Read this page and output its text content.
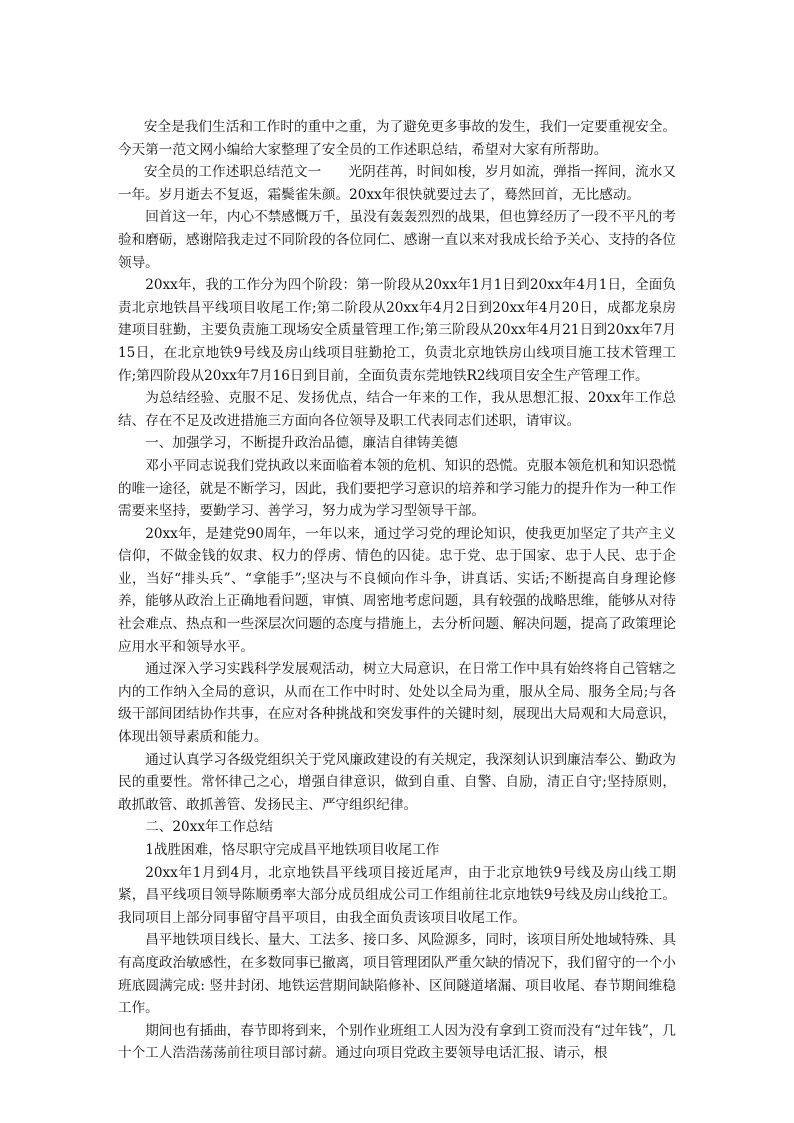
安全是我们生活和工作时的重中之重，为了避免更多事故的发生，我们一定要重视安全。今天第一范文网小编给大家整理了安全员的工作述职总结，希望对大家有所帮助。

安全员的工作述职总结范文一　　光阴荏苒，时间如梭，岁月如流，弹指一挥间，流水又一年。岁月逝去不复返，霜鬓雀朱颜。20xx年很快就要过去了，蓦然回首，无比感动。

回首这一年，内心不禁感慨万千，虽没有轰轰烈烈的战果，但也算经历了一段不平凡的考验和磨砺，感谢陪我走过不同阶段的各位同仁、感谢一直以来对我成长给予关心、支持的各位领导。

20xx年，我的工作分为四个阶段：第一阶段从20xx年1月1日到20xx年4月1日，全面负责北京地铁昌平线项目收尾工作;第二阶段从20xx年4月2日到20xx年4月20日，成都龙泉房建项目驻勤，主要负责施工现场安全质量管理工作;第三阶段从20xx年4月21日到20xx年7月15日，在北京地铁9号线及房山线项目驻勤抢工，负责北京地铁房山线项目施工技术管理工作;第四阶段从20xx年7月16日到目前，全面负责东莞地铁R2线项目安全生产管理工作。

为总结经验、克服不足、发扬优点，结合一年来的工作，我从思想汇报、20xx年工作总结、存在不足及改进措施三方面向各位领导及职工代表同志们述职，请审议。

一、加强学习，不断提升政治品德，廉洁自律铸美德

邓小平同志说我们党执政以来面临着本领的危机、知识的恐慌。克服本领危机和知识恐慌的唯一途径，就是不断学习，因此，我们要把学习意识的培养和学习能力的提升作为一种工作需要来坚持，要勤学习、善学习，努力成为学习型领导干部。

20xx年，是建党90周年，一年以来，通过学习党的理论知识，使我更加坚定了共产主义信仰，不做金钱的奴隶、权力的俘虏、情色的囚徒。忠于党、忠于国家、忠于人民、忠于企业，当好“排头兵”、“拿能手”;坚决与不良倾向作斗争，讲真话、实话;不断提高自身理论修养，能够从政治上正确地看问题，审慎、周密地考虑问题，具有较强的战略思维，能够从对待社会难点、热点和一些深层次问题的态度与措施上，去分析问题、解决问题，提高了政策理论应用水平和领导水平。

通过深入学习实践科学发展观活动，树立大局意识，在日常工作中具有始终将自己管辖之内的工作纳入全局的意识，从而在工作中时时、处处以全局为重，服从全局、服务全局;与各级干部间团结协作共事，在应对各种挑战和突发事件的关键时刻，展现出大局观和大局意识，体现出领导素质和能力。

通过认真学习各级党组织关于党风廉政建设的有关规定，我深刻认识到廉洁奉公、勤政为民的重要性。常怀律己之心，增强自律意识，做到自重、自警、自励，清正自守;坚持原则，敢抓敢管、敢抓善管、发扬民主、严守组织纪律。

二、20xx年工作总结

1战胜困难，恪尽职守完成昌平地铁项目收尾工作

20xx年1月到4月，北京地铁昌平线项目接近尾声，由于北京地铁9号线及房山线工期紧，昌平线项目领导陈顺勇率大部分成员组成公司工作组前往北京地铁9号线及房山线抢工。我同项目上部分同事留守昌平项目，由我全面负责该项目收尾工作。

昌平地铁项目线长、量大、工法多、接口多、风险源多，同时，该项目所处地域特殊、具有高度政治敏感性，在多数同事已撤离，项目管理团队严重欠缺的情况下，我们留守的一个小班底圆满完成: 竖井封闭、地铁运营期间缺陷修补、区间隧道堵漏、项目收尾、春节期间维稳工作。

期间也有插曲，春节即将到来，个别作业班组工人因为没有拿到工资而没有“过年钱”，几十个工人浩浩荡荡前往项目部讨薪。通过向项目党政主要领导电话汇报、请示，根
